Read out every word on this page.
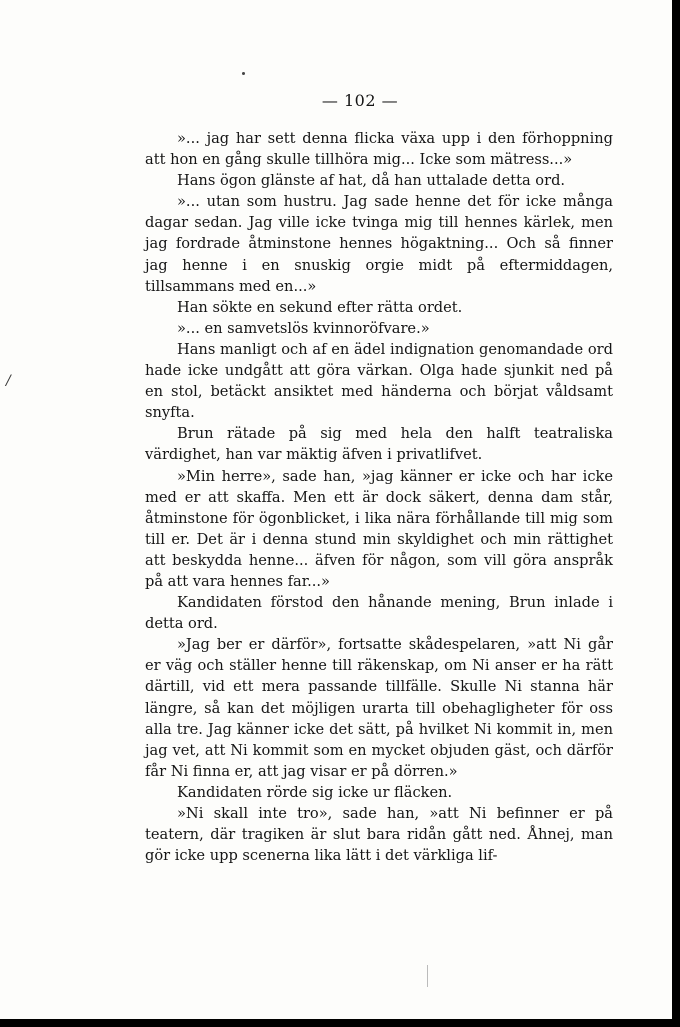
— 102 —
/

»... jag har sett denna flicka växa upp i den förhoppning att hon en gång skulle tillhöra mig... Icke som mätress...»

Hans ögon glänste af hat, då han uttalade detta ord.

»... utan som hustru. Jag sade henne det för icke många dagar sedan. Jag ville icke tvinga mig till hennes kärlek, men jag fordrade åtminstone hennes högaktning... Och så finner jag henne i en snuskig orgie midt på eftermiddagen, tillsammans med en...»

Han sökte en sekund efter rätta ordet.

»... en samvetslös kvinnoröfvare.»

Hans manligt och af en ädel indignation genomandade ord hade icke undgått att göra värkan. Olga hade sjunkit ned på en stol, betäckt ansiktet med händerna och börjat våldsamt snyfta.

Brun rätade på sig med hela den halft teatraliska värdighet, han var mäktig äfven i privatlifvet.

»Min herre», sade han, »jag känner er icke och har icke med er att skaffa. Men ett är dock säkert, denna dam står, åtminstone för ögonblicket, i lika nära förhållande till mig som till er. Det är i denna stund min skyldighet och min rättighet att beskydda henne... äfven för någon, som vill göra anspråk på att vara hennes far...»

Kandidaten förstod den hånande mening, Brun inlade i detta ord.

»Jag ber er därför», fortsatte skådespelaren, »att Ni går er väg och ställer henne till räkenskap, om Ni anser er ha rätt därtill, vid ett mera passande tillfälle. Skulle Ni stanna här längre, så kan det möjligen urarta till obehagligheter för oss alla tre. Jag känner icke det sätt, på hvilket Ni kommit in, men jag vet, att Ni kommit som en mycket objuden gäst, och därför får Ni finna er, att jag visar er på dörren.»

Kandidaten rörde sig icke ur fläcken.

»Ni skall inte tro», sade han, »att Ni befinner er på teatern, där tragiken är slut bara ridån gått ned. Åhnej, man gör icke upp scenerna lika lätt i det värkliga lif-
